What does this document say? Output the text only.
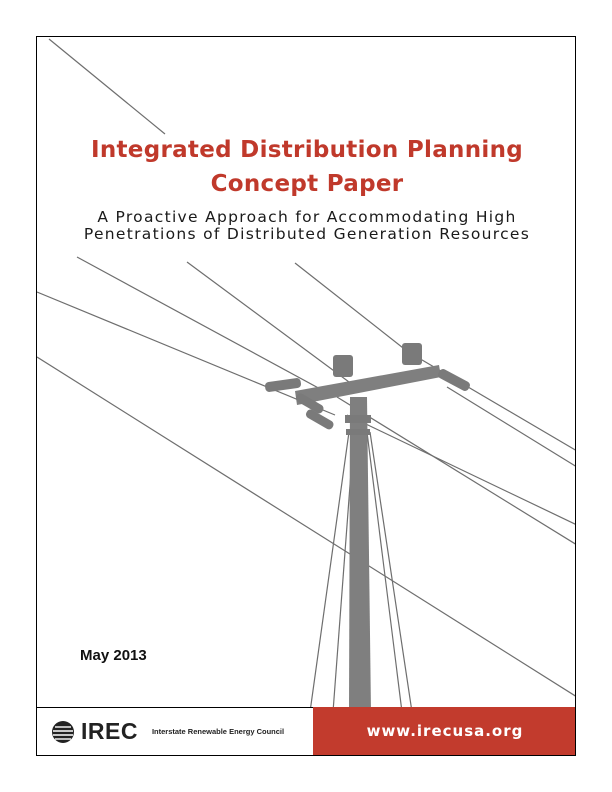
Integrated Distribution Planning
Concept Paper

A Proactive Approach for Accommodating High
Penetrations of Distributed Generation Resources

May 2013
IREC Interstate Renewable Energy Council	www.irecusa.org
